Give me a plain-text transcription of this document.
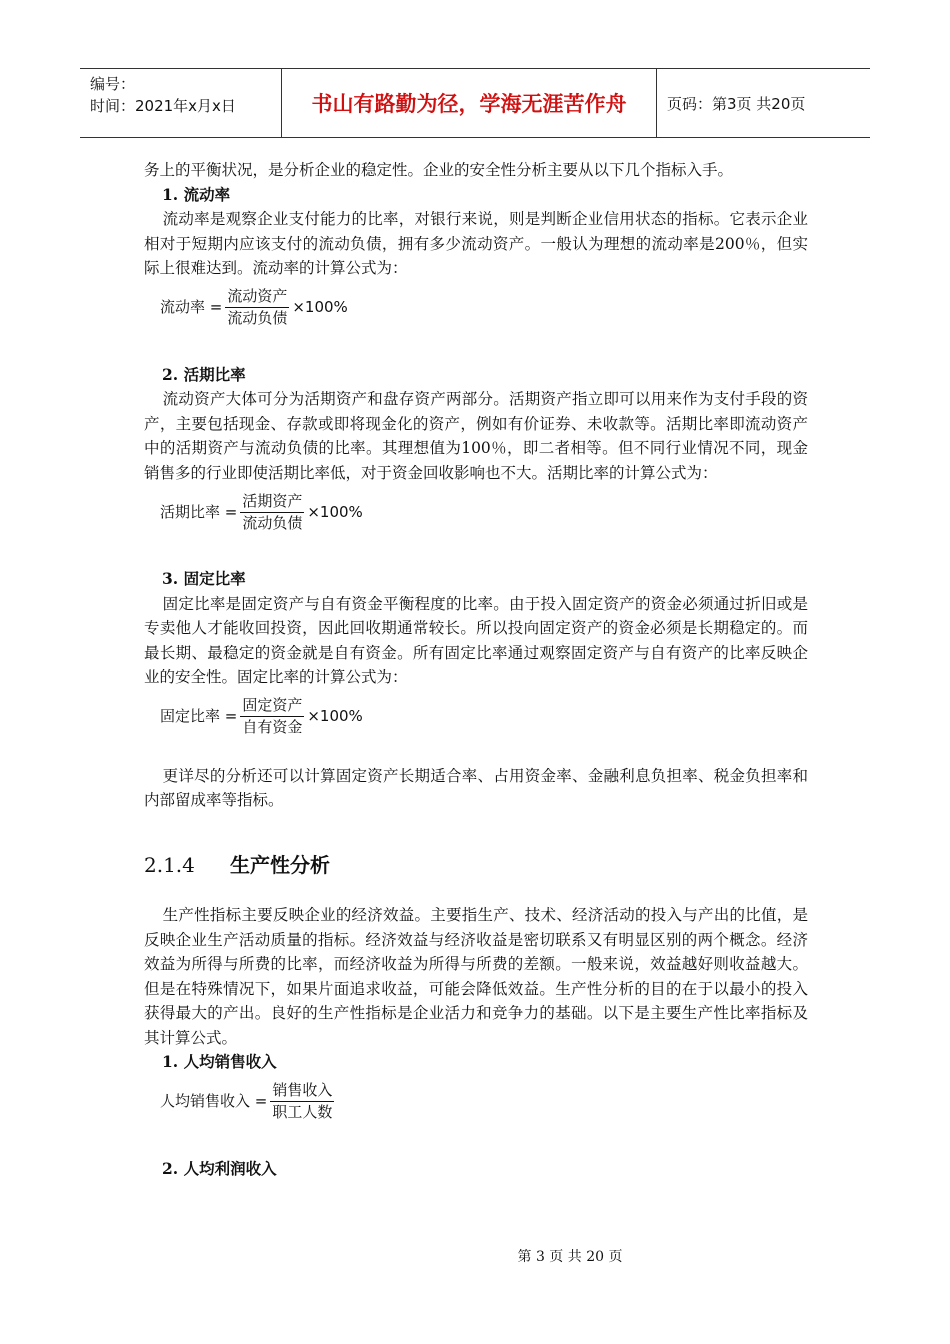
编号：
时间：2021年x月x日	书山有路勤为径，学海无涯苦作舟	页码：第3页 共20页

务上的平衡状况，是分析企业的稳定性。企业的安全性分析主要从以下几个指标入手。

1. 流动率

流动率是观察企业支付能力的比率，对银行来说，则是判断企业信用状态的指标。它表示企业相对于短期内应该支付的流动负债，拥有多少流动资产。一般认为理想的流动率是200％，但实际上很难达到。流动率的计算公式为：

流动率 = $\frac{\text{流动资产}}{\text{流动负债}} \times 100\%$
2. 活期比率

流动资产大体可分为活期资产和盘存资产两部分。活期资产指立即可以用来作为支付手段的资产，主要包括现金、存款或即将现金化的资产，例如有价证券、未收款等。活期比率即流动资产中的活期资产与流动负债的比率。其理想值为100％，即二者相等。但不同行业情况不同，现金销售多的行业即使活期比率低，对于资金回收影响也不大。活期比率的计算公式为：

活期比率 = $\frac{\text{活期资产}}{\text{流动负债}} \times 100\%$
3. 固定比率

固定比率是固定资产与自有资金平衡程度的比率。由于投入固定资产的资金必须通过折旧或是专卖他人才能收回投资，因此回收期通常较长。所以投向固定资产的资金必须是长期稳定的。而最长期、最稳定的资金就是自有资金。所有固定比率通过观察固定资产与自有资产的比率反映企业的安全性。固定比率的计算公式为：

固定比率 = $\frac{\text{固定资产}}{\text{自有资金}} \times 100\%$

更详尽的分析还可以计算固定资产长期适合率、占用资金率、金融利息负担率、税金负担率和内部留成率等指标。

2.1.4	生产性分析

生产性指标主要反映企业的经济效益。主要指生产、技术、经济活动的投入与产出的比值，是反映企业生产活动质量的指标。经济效益与经济收益是密切联系又有明显区别的两个概念。经济效益为所得与所费的比率，而经济收益为所得与所费的差额。一般来说，效益越好则收益越大。但是在特殊情况下，如果片面追求收益，可能会降低效益。生产性分析的目的在于以最小的投入获得最大的产出。良好的生产性指标是企业活力和竞争力的基础。以下是主要生产性比率指标及其计算公式。

1. 人均销售收入
人均销售收入 = $\frac{\text{销售收入}}{\text{职工人数}}$
2. 人均利润收入
第 3 页 共 20 页
